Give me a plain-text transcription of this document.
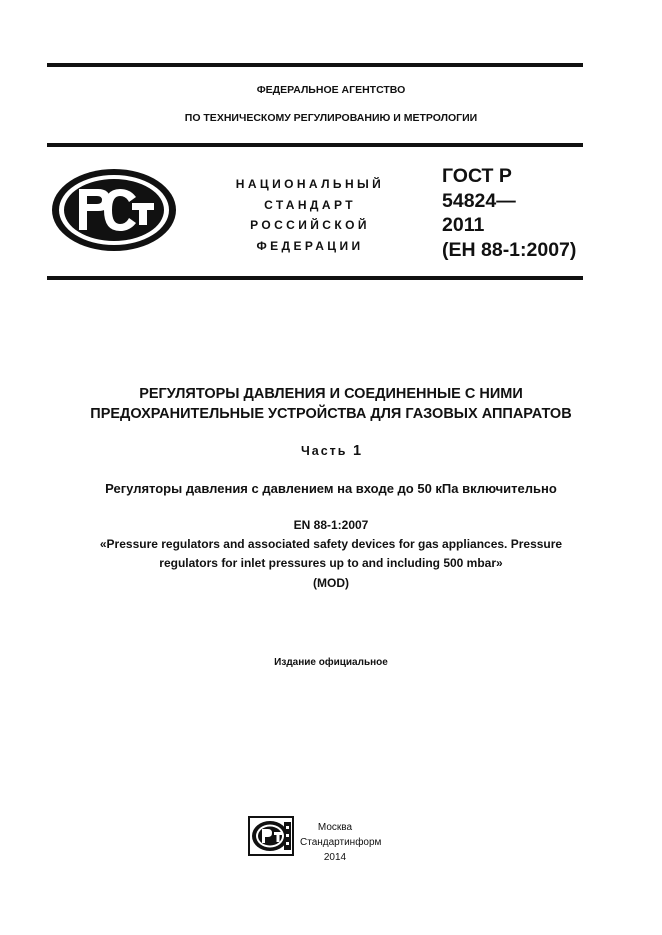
ФЕДЕРАЛЬНОЕ АГЕНТСТВО
ПО ТЕХНИЧЕСКОМУ РЕГУЛИРОВАНИЮ И МЕТРОЛОГИИ
НАЦИОНАЛЬНЫЙ
СТАНДАРТ
РОССИЙСКОЙ
ФЕДЕРАЦИИ
ГОСТ Р
54824—
2011
(ЕН 88-1:2007)
РЕГУЛЯТОРЫ ДАВЛЕНИЯ И СОЕДИНЕННЫЕ С НИМИ
ПРЕДОХРАНИТЕЛЬНЫЕ УСТРОЙСТВА ДЛЯ ГАЗОВЫХ АППАРАТОВ
Часть 1
Регуляторы давления с давлением на входе до 50 кПа включительно
EN 88-1:2007
«Pressure regulators and associated safety devices for gas appliances. Pressure
regulators for inlet pressures up to and including 500 mbar»
(MOD)
Издание официальное
Москва
Стандартинформ
2014
